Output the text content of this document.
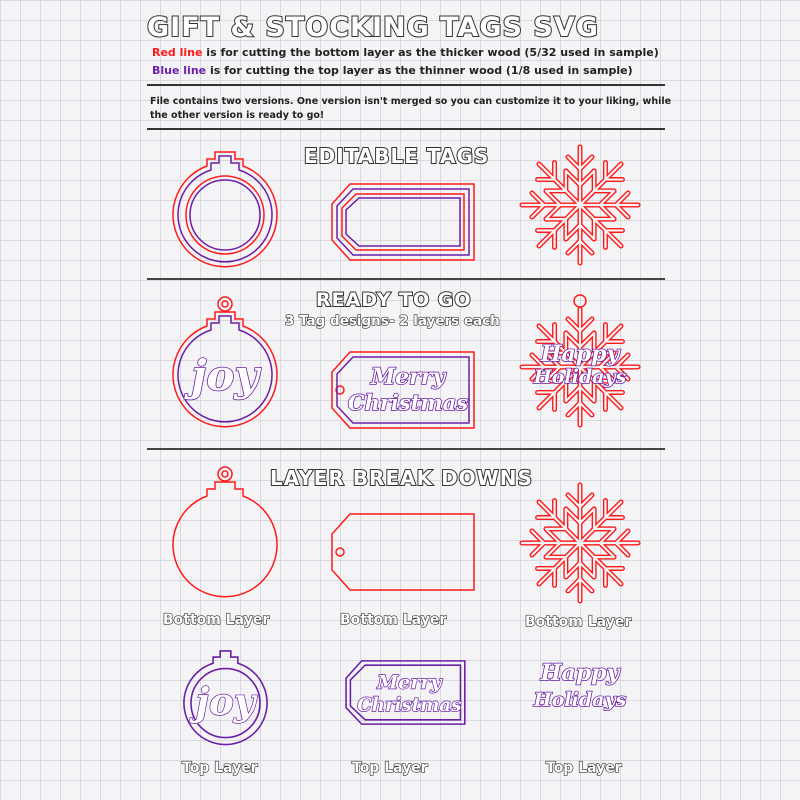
GIFT & STOCKING TAGS SVG
Red line is for cutting the bottom layer as the thicker wood (5/32 used in sample)
Blue line is for cutting the top layer as the thinner wood (1/8 used in sample)
File contains two versions. One version isn't merged so you can customize it to your liking, while
the other version is ready to go!
EDITABLE TAGS
READY TO GO
3 Tag designs- 2 layers each
joy	Merry
Christmas
Happy
Holidays
LAYER BREAK DOWNS
Bottom Layer	Bottom Layer	Bottom Layer
joy	Merry
Christmas
Happy
Holidays
Top Layer	Top Layer	Top Layer
